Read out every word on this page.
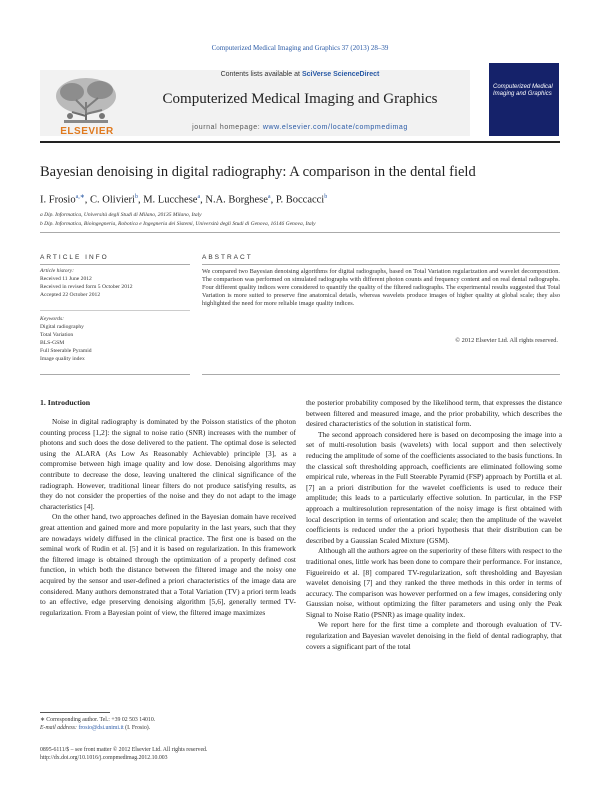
Computerized Medical Imaging and Graphics 37 (2013) 28–39
ELSEVIER
Contents lists available at SciVerse ScienceDirect
Computerized Medical Imaging and Graphics
journal homepage: www.elsevier.com/locate/compmedimag
Computerized Medical Imaging and Graphics
Bayesian denoising in digital radiography: A comparison in the dental field
I. Frosio$^{a,∗}$, C. Olivieri$^b$, M. Lucchese$^a$, N.A. Borghese$^a$, P. Boccacci$^b$
a Dip. Informatica, Università degli Studi di Milano, 20135 Milano, Italy
b Dip. Informatica, Bioingegneria, Robotica e Ingegneria dei Sistemi, Università degli Studi di Genova, 16146 Genova, Italy
ARTICLE INFO	ABSTRACT
Article history:
Received 11 June 2012
Received in revised form 5 October 2012
Accepted 22 October 2012
Keywords:
Digital radiography
Total Variation
BLS-GSM
Full Steerable Pyramid
Image quality index
We compared two Bayesian denoising algorithms for digital radiographs, based on Total Variation regularization and wavelet decomposition. The comparison was performed on simulated radiographs with different photon counts and frequency content and on real dental radiographs. Four different quality indices were considered to quantify the quality of the filtered radiographs. The experimental results suggested that Total Variation is more suited to preserve fine anatomical details, whereas wavelets produce images of higher quality at global scale; they also highlighted the need for more reliable image quality indices.
© 2012 Elsevier Ltd. All rights reserved.
1. Introduction

Noise in digital radiography is dominated by the Poisson statistics of the photon counting process [1,2]: the signal to noise ratio (SNR) increases with the number of photons and such does the dose delivered to the patient. The optimal dose is selected using the ALARA (As Low As Reasonably Achievable) principle [3], as a compromise between high image quality and low dose. Denoising algorithms may contribute to decrease the dose, leaving unaltered the clinical significance of the radiograph. However, traditional linear filters do not produce satisfying results, as they do not consider the properties of the noise and they do not adapt to the image characteristics [4].

On the other hand, two approaches defined in the Bayesian domain have received great attention and gained more and more popularity in the last years, such that they are nowadays widely diffused in the clinical practice. The first one is based on the seminal work of Rudin et al. [5] and it is based on regularization. In this framework the filtered image is obtained through the optimization of a properly defined cost function, in which both the distance between the filtered image and the noisy one acquired by the sensor and user-defined a priori characteristics of the image data are considered. Many authors demonstrated that a Total Variation (TV) a priori term leads to an effective, edge preserving denoising algorithm [5,6], generally termed TV-regularization. From a Bayesian point of view, the filtered image maximizes

the posterior probability composed by the likelihood term, that expresses the distance between filtered and measured image, and the prior probability, which describes the desired characteristics of the solution in statistical form.

The second approach considered here is based on decomposing the image into a set of multi-resolution basis (wavelets) with local support and then selectively reducing the amplitude of some of the coefficients associated to the basis functions. In the classical soft thresholding approach, coefficients are eliminated following some empirical rule, whereas in the Full Steerable Pyramid (FSP) approach by Portilla et al. [7] an a priori distribution for the wavelet coefficients is used to reduce their amplitude; this leads to a particularly effective solution. In particular, in the FSP approach a multiresolution representation of the noisy image is first obtained with local description in terms of orientation and scale; then the amplitude of the wavelet coefficients is reduced under the a priori hypothesis that their distribution can be described by a Gaussian Scaled Mixture (GSM).

Although all the authors agree on the superiority of these filters with respect to the traditional ones, little work has been done to compare their performance. For instance, Figueireido et al. [8] compared TV-regularization, soft thresholding and Bayesian wavelet denoising [7] and they ranked the three methods in this order in terms of accuracy. The comparison was however performed on a few images, considering only Gaussian noise, without optimizing the filter parameters and using only the Peak Signal to Noise Ratio (PSNR) as image quality index.

We report here for the first time a complete and thorough evaluation of TV-regularization and Bayesian wavelet denoising in the field of dental radiography, that covers a significant part of the total

∗ Corresponding author. Tel.: +39 02 503 14010.
E-mail address: frosio@dsi.unimi.it (I. Frosio).
0895-6111/$ – see front matter © 2012 Elsevier Ltd. All rights reserved.
http://dx.doi.org/10.1016/j.compmedimag.2012.10.003
